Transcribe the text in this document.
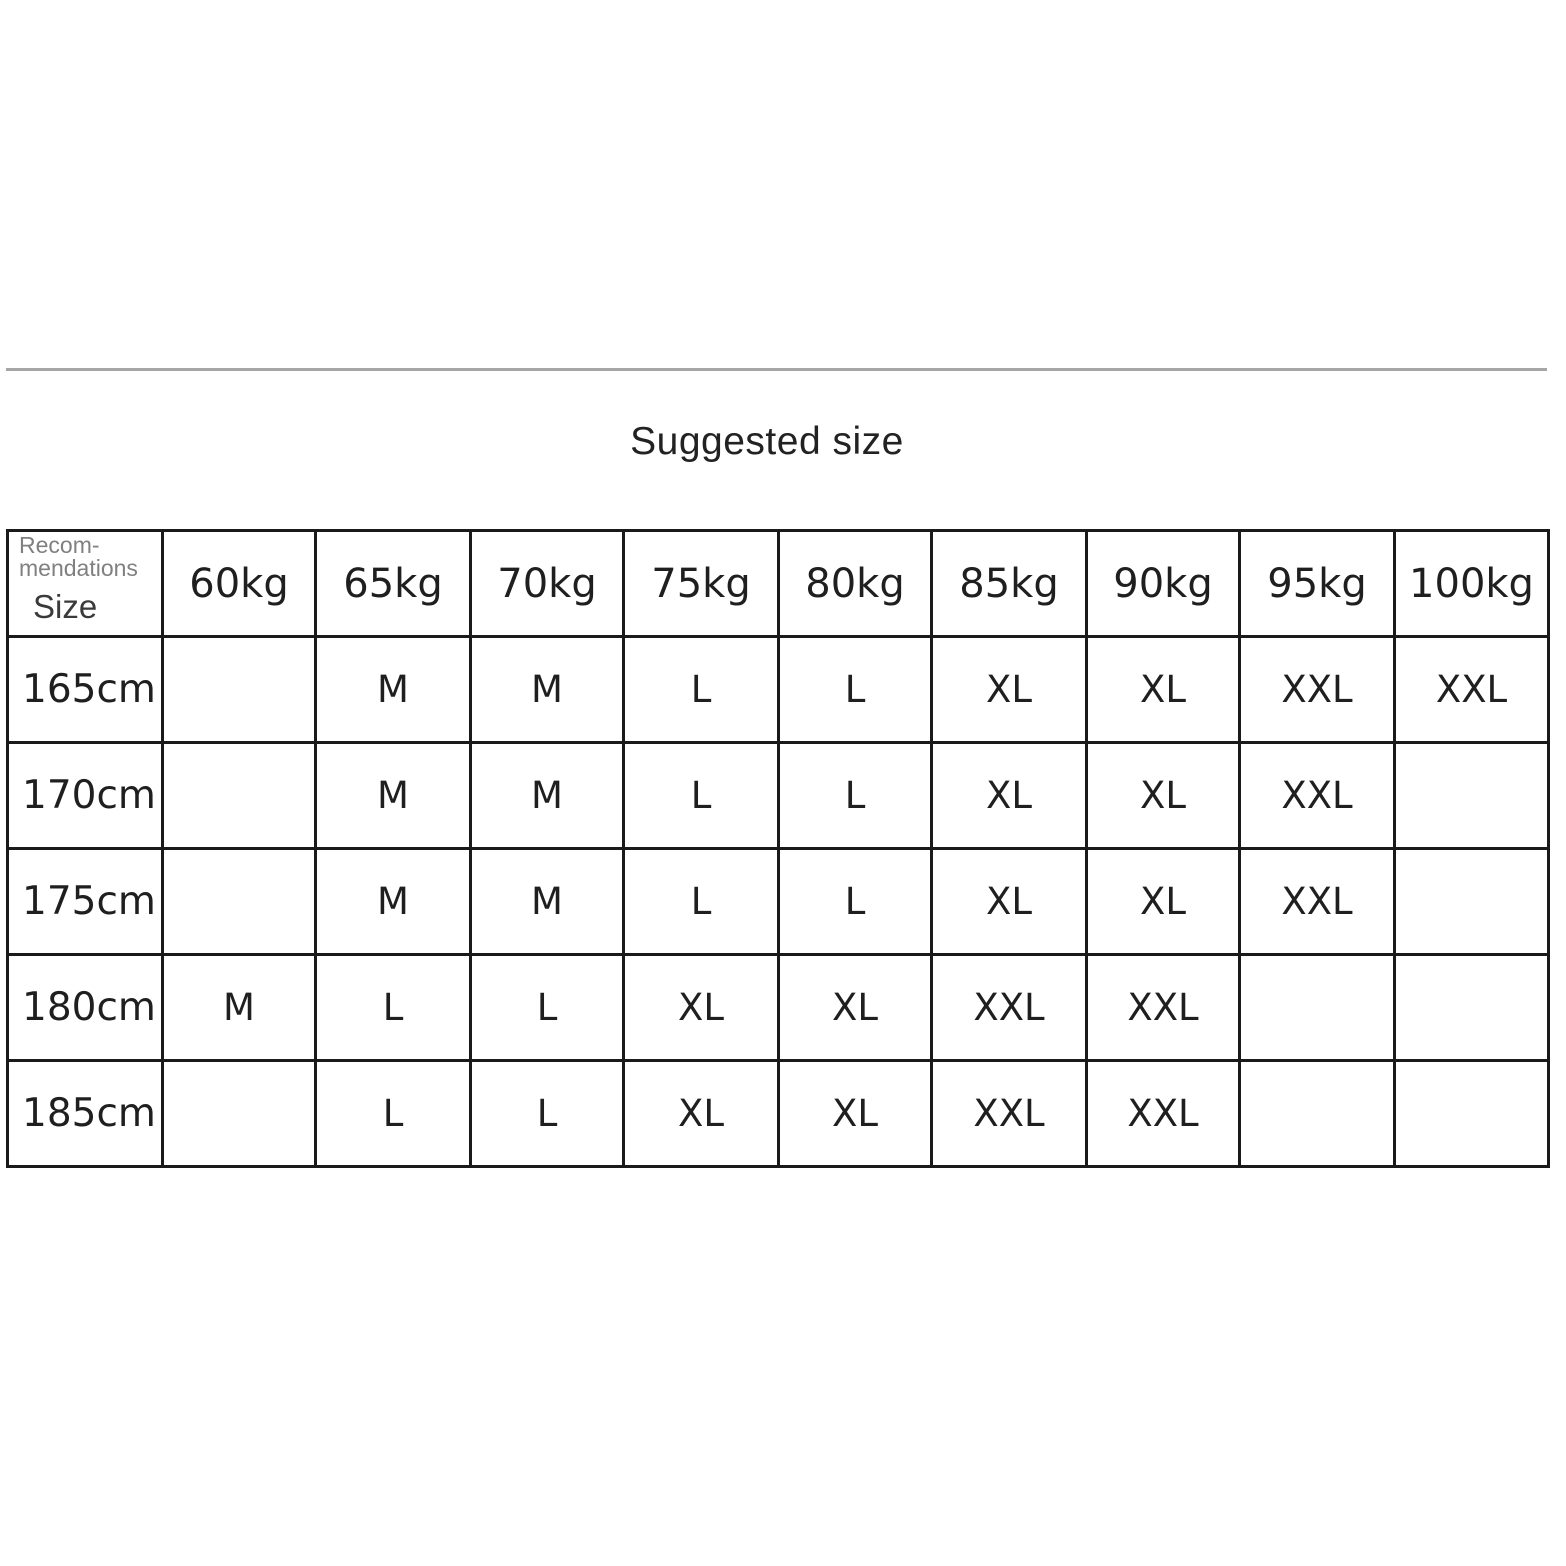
Suggested size
Recom-
mendations
Size	60kg	65kg	70kg	75kg	80kg	85kg	90kg	95kg	100kg
165cm		M	M	L	L	XL	XL	XXL	XXL
170cm		M	M	L	L	XL	XL	XXL	
175cm		M	M	L	L	XL	XL	XXL	
180cm	M	L	L	XL	XL	XXL	XXL		
185cm		L	L	XL	XL	XXL	XXL		
